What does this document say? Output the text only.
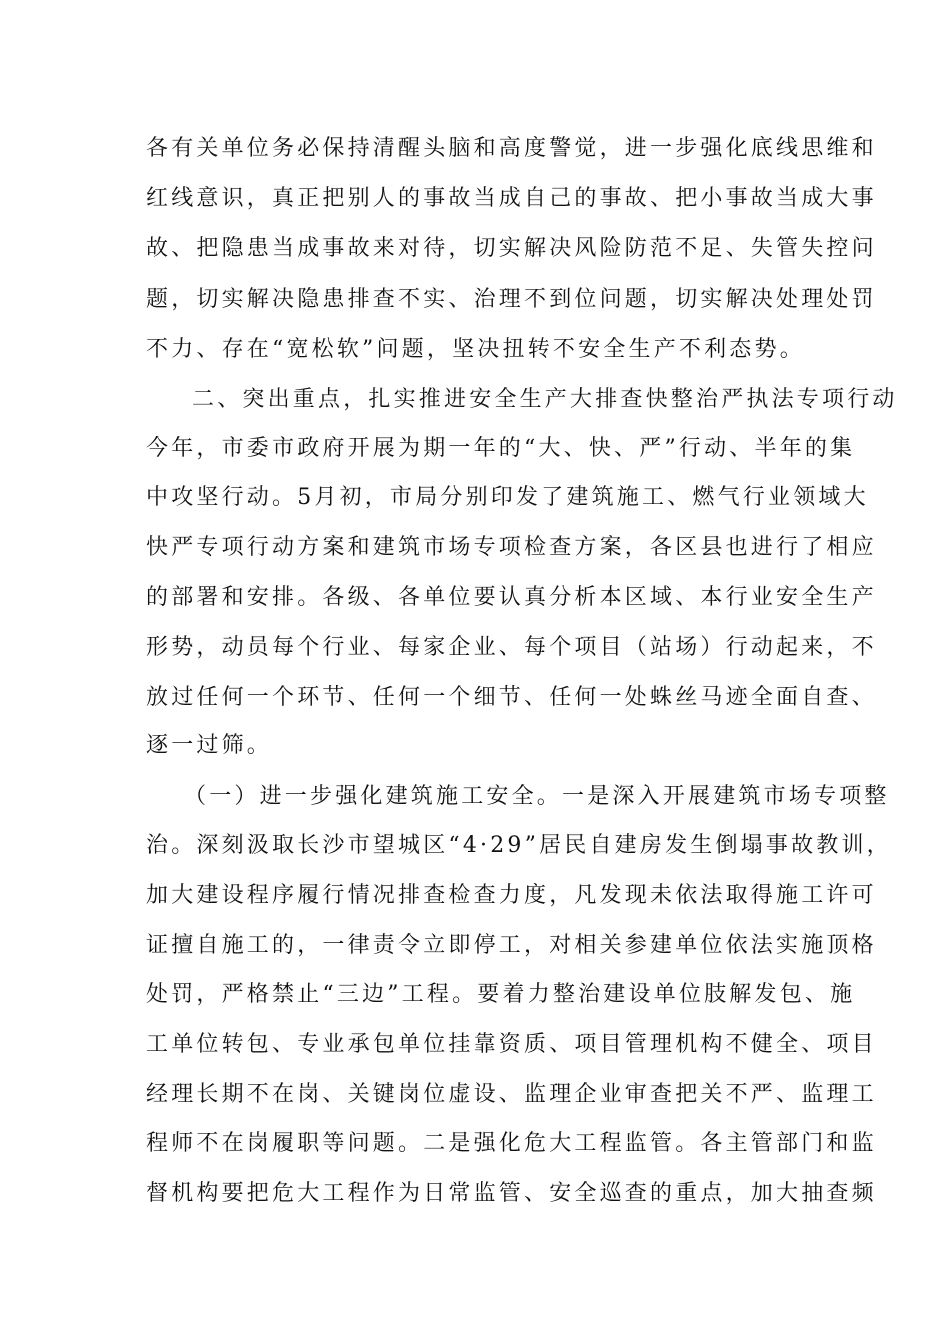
各有关单位务必保持清醒头脑和高度警觉，进一步强化底线思维和
红线意识，真正把别人的事故当成自己的事故、把小事故当成大事
故、把隐患当成事故来对待，切实解决风险防范不足、失管失控问
题，切实解决隐患排查不实、治理不到位问题，切实解决处理处罚
不力、存在“宽松软”问题，坚决扭转不安全生产不利态势。
二、突出重点，扎实推进安全生产大排查快整治严执法专项行动
今年，市委市政府开展为期一年的“大、快、严”行动、半年的集
中攻坚行动。5月初，市局分别印发了建筑施工、燃气行业领域大
快严专项行动方案和建筑市场专项检查方案，各区县也进行了相应
的部署和安排。各级、各单位要认真分析本区域、本行业安全生产
形势，动员每个行业、每家企业、每个项目（站场）行动起来，不
放过任何一个环节、任何一个细节、任何一处蛛丝马迹全面自查、
逐一过筛。
（一）进一步强化建筑施工安全。一是深入开展建筑市场专项整
治。深刻汲取长沙市望城区“4·29”居民自建房发生倒塌事故教训，
加大建设程序履行情况排查检查力度，凡发现未依法取得施工许可
证擅自施工的，一律责令立即停工，对相关参建单位依法实施顶格
处罚，严格禁止“三边”工程。要着力整治建设单位肢解发包、施
工单位转包、专业承包单位挂靠资质、项目管理机构不健全、项目
经理长期不在岗、关键岗位虚设、监理企业审查把关不严、监理工
程师不在岗履职等问题。二是强化危大工程监管。各主管部门和监
督机构要把危大工程作为日常监管、安全巡查的重点，加大抽查频
